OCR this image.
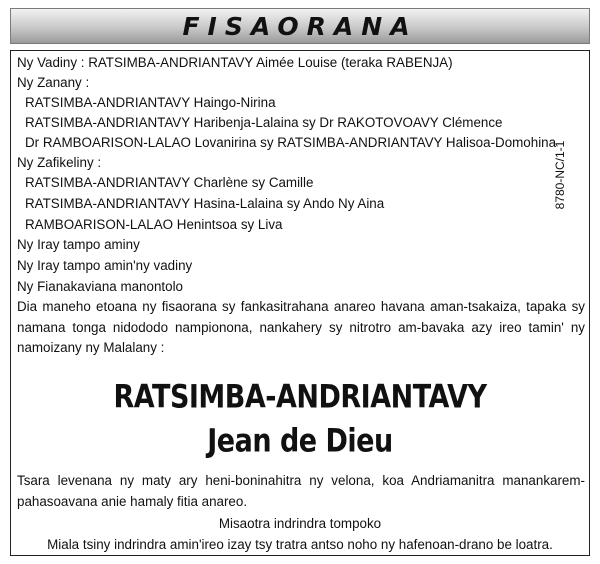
FISAORANA
Ny Vadiny : RATSIMBA-ANDRIANTAVY Aimée Louise (teraka RABENJA)
Ny Zanany :
RATSIMBA-ANDRIANTAVY Haingo-Nirina
RATSIMBA-ANDRIANTAVY Haribenja-Lalaina sy Dr RAKOTOVOAVY Clémence
Dr RAMBOARISON-LALAO Lovanirina sy RATSIMBA-ANDRIANTAVY Halisoa-Domohina
Ny Zafikeliny :
RATSIMBA-ANDRIANTAVY Charlène sy Camille
RATSIMBA-ANDRIANTAVY Hasina-Lalaina sy Ando Ny Aina
RAMBOARISON-LALAO Henintsoa sy Liva
Ny Iray tampo aminy
Ny Iray tampo amin'ny vadiny
Ny Fianakaviana manontolo
Dia maneho etoana ny fisaorana sy fankasitrahana anareo havana aman-tsakaiza, tapaka sy namana tonga nidododo nampionona, nankahery sy nitrotro am-bavaka azy ireo tamin' ny namoizany ny Malalany :
RATSIMBA-ANDRIANTAVY
Jean de Dieu
Tsara levenana ny maty ary heni-boninahitra ny velona, koa Andriamanitra manankarem-pahasoavana anie hamaly fitia anareo.
Misaotra indrindra tompoko
Miala tsiny indrindra amin'ireo izay tsy tratra antso noho ny hafenoan-drano be loatra.
8780-NC/1-1
